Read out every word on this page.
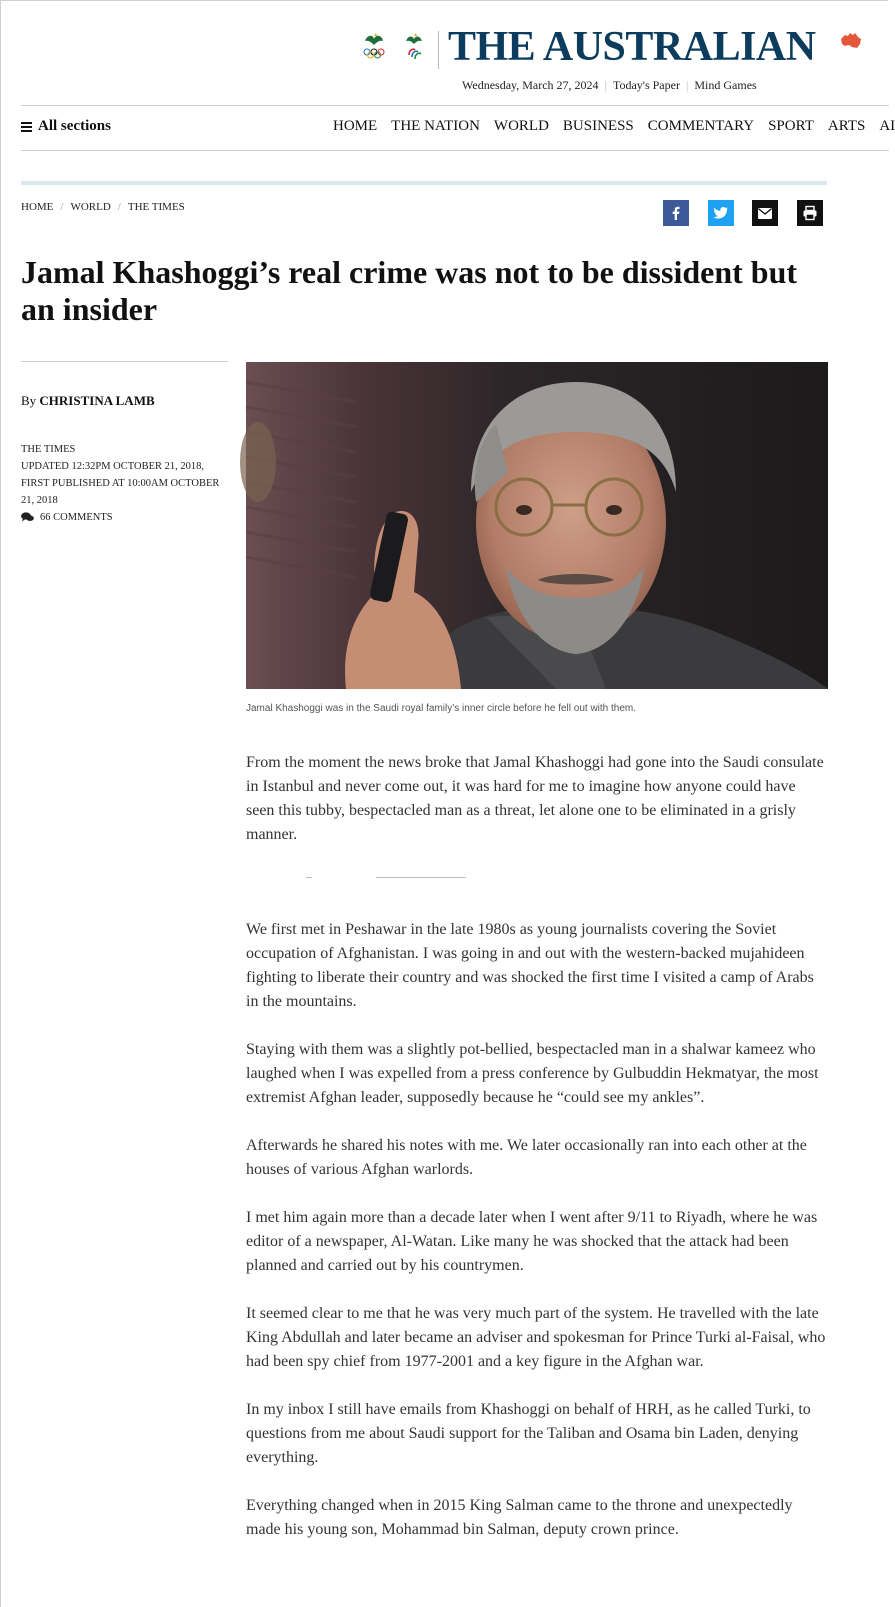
THE AUSTRALIAN
Wednesday, March 27, 2024 | Today's Paper | Mind Games
All sections	HOME THE NATION WORLD BUSINESS COMMENTARY SPORT ARTS AI
HOME / WORLD / THE TIMES
Jamal Khashoggi’s real crime was not to be dissident but an insider
By CHRISTINA LAMB
THE TIMES
UPDATED 12:32PM OCTOBER 21, 2018, FIRST PUBLISHED AT 10:00AM OCTOBER 21, 2018
66 COMMENTS
Jamal Khashoggi was in the Saudi royal family’s inner circle before he fell out with them.

From the moment the news broke that Jamal Khashoggi had gone into the Saudi consulate in Istanbul and never come out, it was hard for me to imagine how anyone could have seen this tubby, bespectacled man as a threat, let alone one to be eliminated in a grisly manner.

We first met in Peshawar in the late 1980s as young journalists covering the Soviet occupation of Afghanistan. I was going in and out with the western-backed mujahideen fighting to liberate their country and was shocked the first time I visited a camp of Arabs in the mountains.

Staying with them was a slightly pot-bellied, bespectacled man in a shalwar kameez who laughed when I was expelled from a press conference by Gulbuddin Hekmatyar, the most extremist Afghan leader, supposedly because he “could see my ankles”.

Afterwards he shared his notes with me. We later occasionally ran into each other at the houses of various Afghan warlords.

I met him again more than a decade later when I went after 9/11 to Riyadh, where he was editor of a newspaper, Al-Watan. Like many he was shocked that the attack had been planned and carried out by his countrymen.

It seemed clear to me that he was very much part of the system. He travelled with the late King Abdullah and later became an adviser and spokesman for Prince Turki al-Faisal, who had been spy chief from 1977-2001 and a key figure in the Afghan war.

In my inbox I still have emails from Khashoggi on behalf of HRH, as he called Turki, to questions from me about Saudi support for the Taliban and Osama bin Laden, denying everything.

Everything changed when in 2015 King Salman came to the throne and unexpectedly made his young son, Mohammad bin Salman, deputy crown prince.
